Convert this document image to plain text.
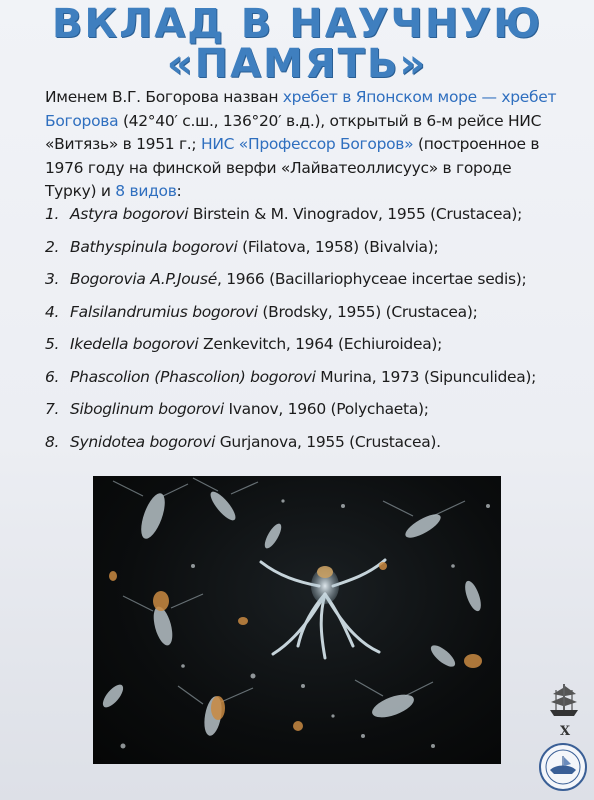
ВКЛАД В НАУЧНУЮ
«ПАМЯТЬ»

Именем В.Г. Богорова назван хребет в Японском море — хребет Богорова (42°40′ с.ш., 136°20′ в.д.), открытый в 6-м рейсе НИС «Витязь» в 1951 г.; НИС «Профессор Богоров» (построенное в 1976 году на финской верфи «Лайватеоллисуус» в городе Турку) и 8 видов:

1. Astyra bogorovi Birstein & M. Vinogradov, 1955 (Crustacea);
2. Bathyspinula bogorovi (Filatova, 1958) (Bivalvia);
3. Bogorovia A.P.Jousé, 1966 (Bacillariophyceae incertae sedis);
4. Falsilandrumius bogorovi (Brodsky, 1955) (Crustacea);
5. Ikedella bogorovi Zenkevitch, 1964 (Echiuroidea);
6. Phascolion (Phascolion) bogorovi Murina, 1973 (Sipunculidea);
7. Siboglinum bogorovi Ivanov, 1960 (Polychaeta);
8. Synidotea bogorovi Gurjanova, 1955 (Crustacea).
X
